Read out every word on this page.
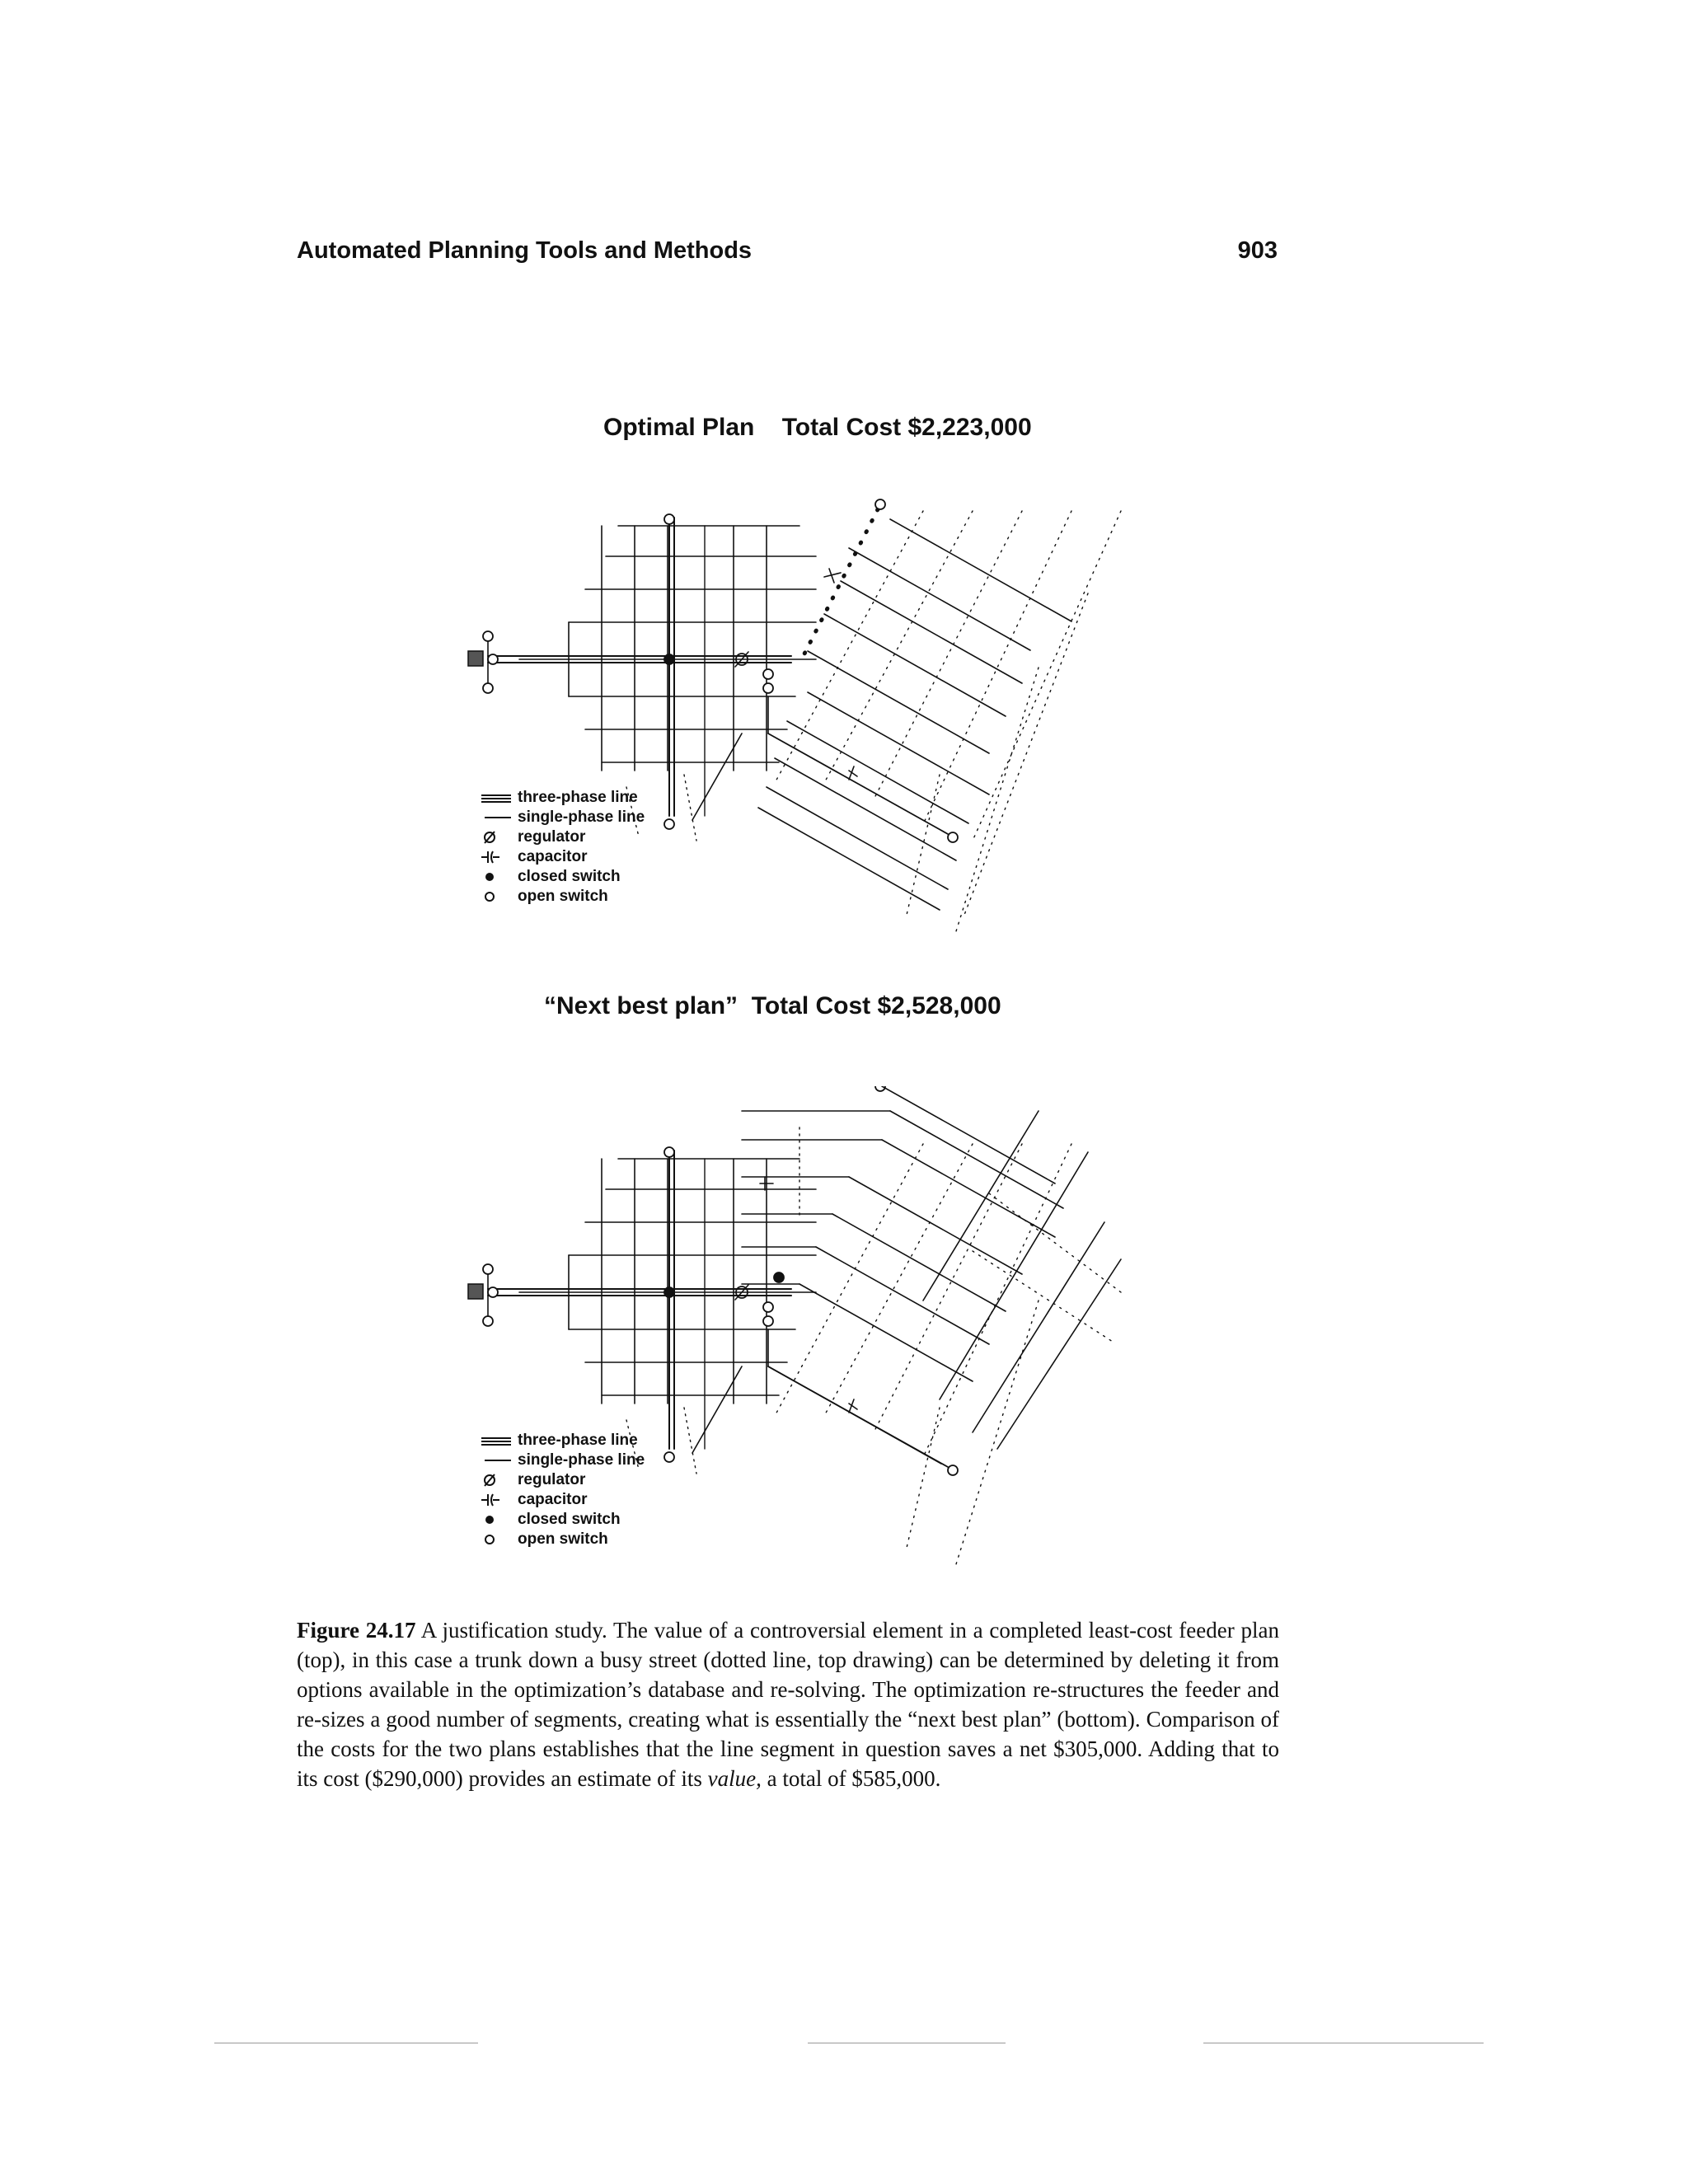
Automated Planning Tools and Methods	903
Optimal Plan    Total Cost $2,223,000
three-phase line
single-phase line
regulator
capacitor
closed switch
open switch
“Next best plan”  Total Cost $2,528,000
three-phase line
single-phase line
regulator
capacitor
closed switch
open switch
Figure 24.17 A justification study. The value of a controversial element in a completed least-cost feeder plan (top), in this case a trunk down a busy street (dotted line, top drawing) can be determined by deleting it from options available in the optimization’s database and re-solving. The optimization re-structures the feeder and re-sizes a good number of segments, creating what is essentially the “next best plan” (bottom). Comparison of the costs for the two plans establishes that the line segment in question saves a net $305,000. Adding that to its cost ($290,000) provides an estimate of its value, a total of $585,000.
